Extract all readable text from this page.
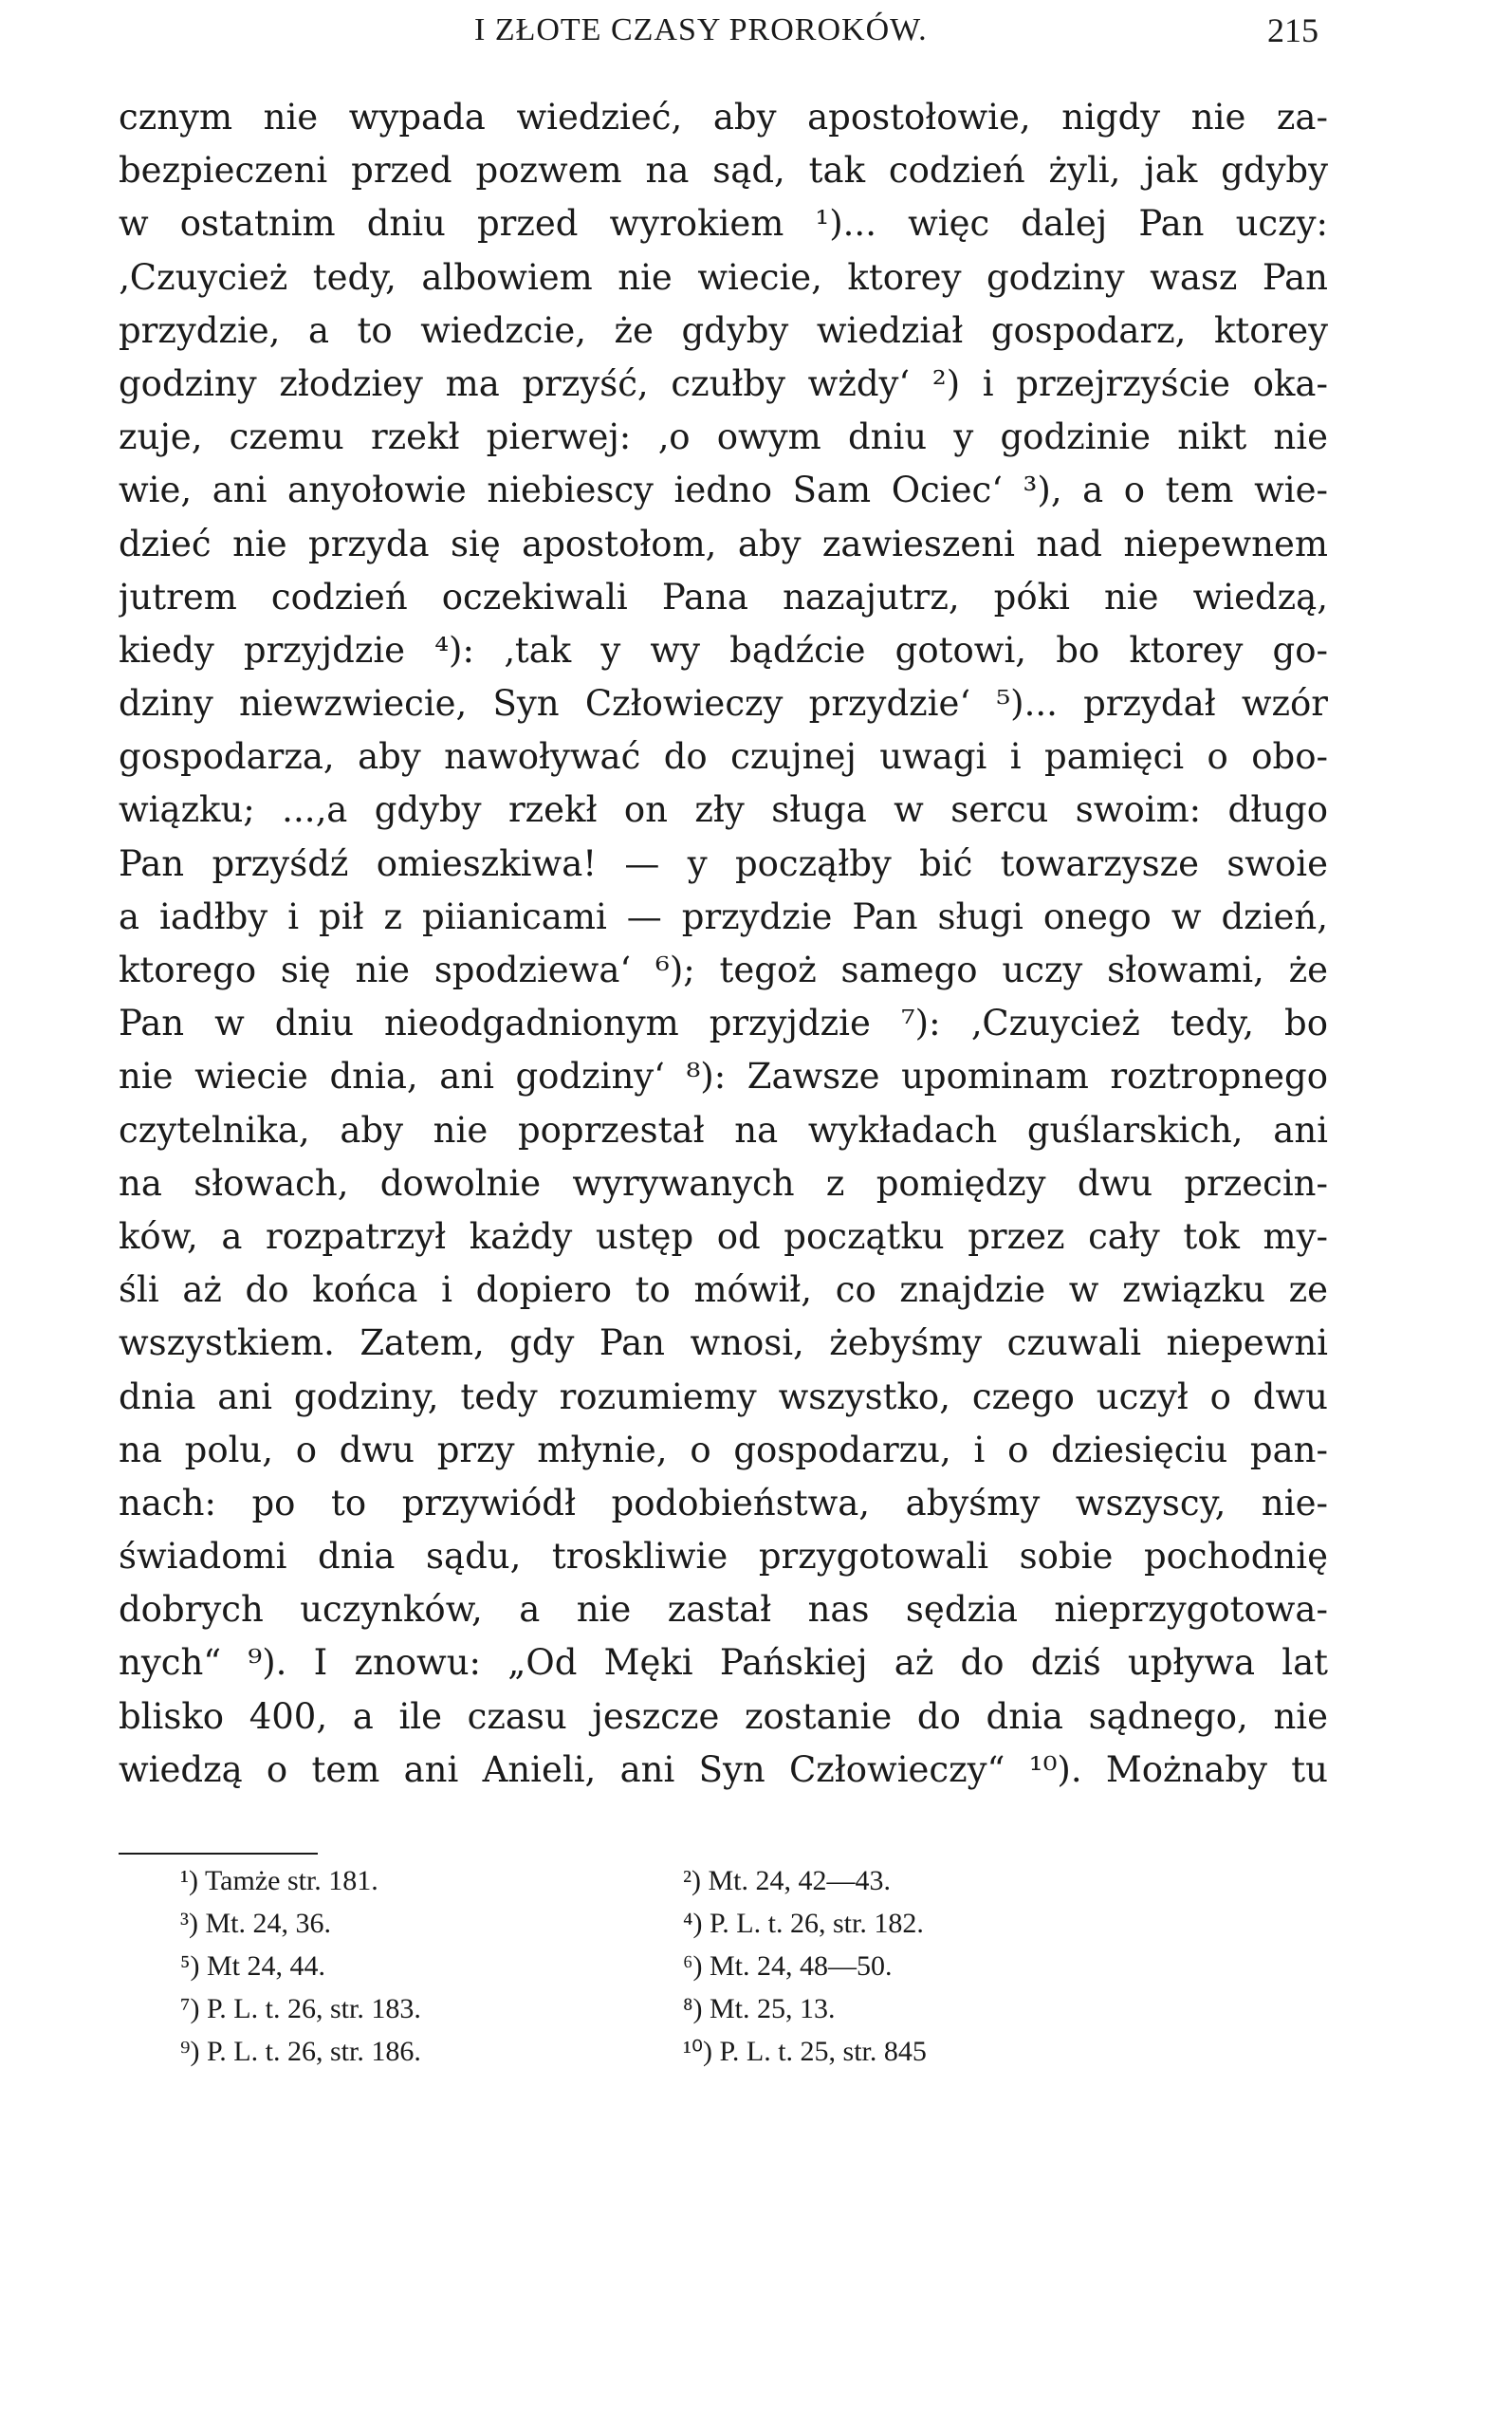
I ZŁOTE CZASY PROROKÓW.	215
cznym nie wypada wiedzieć, aby apostołowie, nigdy nie za-
bezpieczeni przed pozwem na sąd, tak codzień żyli, jak gdyby
w ostatnim dniu przed wyrokiem ¹)... więc dalej Pan uczy:
‚Czuycież tedy, albowiem nie wiecie, ktorey godziny wasz Pan
przydzie, a to wiedzcie, że gdyby wiedział gospodarz, ktorey
godziny złodziey ma przyść, czułby wżdy‘ ²) i przejrzyście oka-
zuje, czemu rzekł pierwej: ‚o owym dniu y godzinie nikt nie
wie, ani anyołowie niebiescy iedno Sam Ociec‘ ³), a o tem wie-
dzieć nie przyda się apostołom, aby zawieszeni nad niepewnem
jutrem codzień oczekiwali Pana nazajutrz, póki nie wiedzą,
kiedy przyjdzie ⁴): ‚tak y wy bądźcie gotowi, bo ktorey go-
dziny niewzwiecie, Syn Człowieczy przydzie‘ ⁵)... przydał wzór
gospodarza, aby nawoływać do czujnej uwagi i pamięci o obo-
wiązku; ...‚a gdyby rzekł on zły sługa w sercu swoim: długo
Pan przyśdź omieszkiwa! — y począłby bić towarzysze swoie
a iadłby i pił z piianicami — przydzie Pan sługi onego w dzień,
ktorego się nie spodziewa‘ ⁶); tegoż samego uczy słowami, że
Pan w dniu nieodgadnionym przyjdzie ⁷): ‚Czuycież tedy, bo
nie wiecie dnia, ani godziny‘ ⁸): Zawsze upominam roztropnego
czytelnika, aby nie poprzestał na wykładach guślarskich, ani
na słowach, dowolnie wyrywanych z pomiędzy dwu przecin-
ków, a rozpatrzył każdy ustęp od początku przez cały tok my-
śli aż do końca i dopiero to mówił, co znajdzie w związku ze
wszystkiem. Zatem, gdy Pan wnosi, żebyśmy czuwali niepewni
dnia ani godziny, tedy rozumiemy wszystko, czego uczył o dwu
na polu, o dwu przy młynie, o gospodarzu, i o dziesięciu pan-
nach: po to przywiódł podobieństwa, abyśmy wszyscy, nie-
świadomi dnia sądu, troskliwie przygotowali sobie pochodnię
dobrych uczynków, a nie zastał nas sędzia nieprzygotowa-
nych“ ⁹). I znowu: „Od Męki Pańskiej aż do dziś upływa lat
blisko 400, a ile czasu jeszcze zostanie do dnia sądnego, nie
wiedzą o tem ani Anieli, ani Syn Człowieczy“ ¹⁰). Możnaby tu
¹) Tamże str. 181.	²) Mt. 24, 42—43.
³) Mt. 24, 36.	⁴) P. L. t. 26, str. 182.
⁵) Mt 24, 44.	⁶) Mt. 24, 48—50.
⁷) P. L. t. 26, str. 183.	⁸) Mt. 25, 13.
⁹) P. L. t. 26, str. 186.	¹⁰) P. L. t. 25, str. 845
